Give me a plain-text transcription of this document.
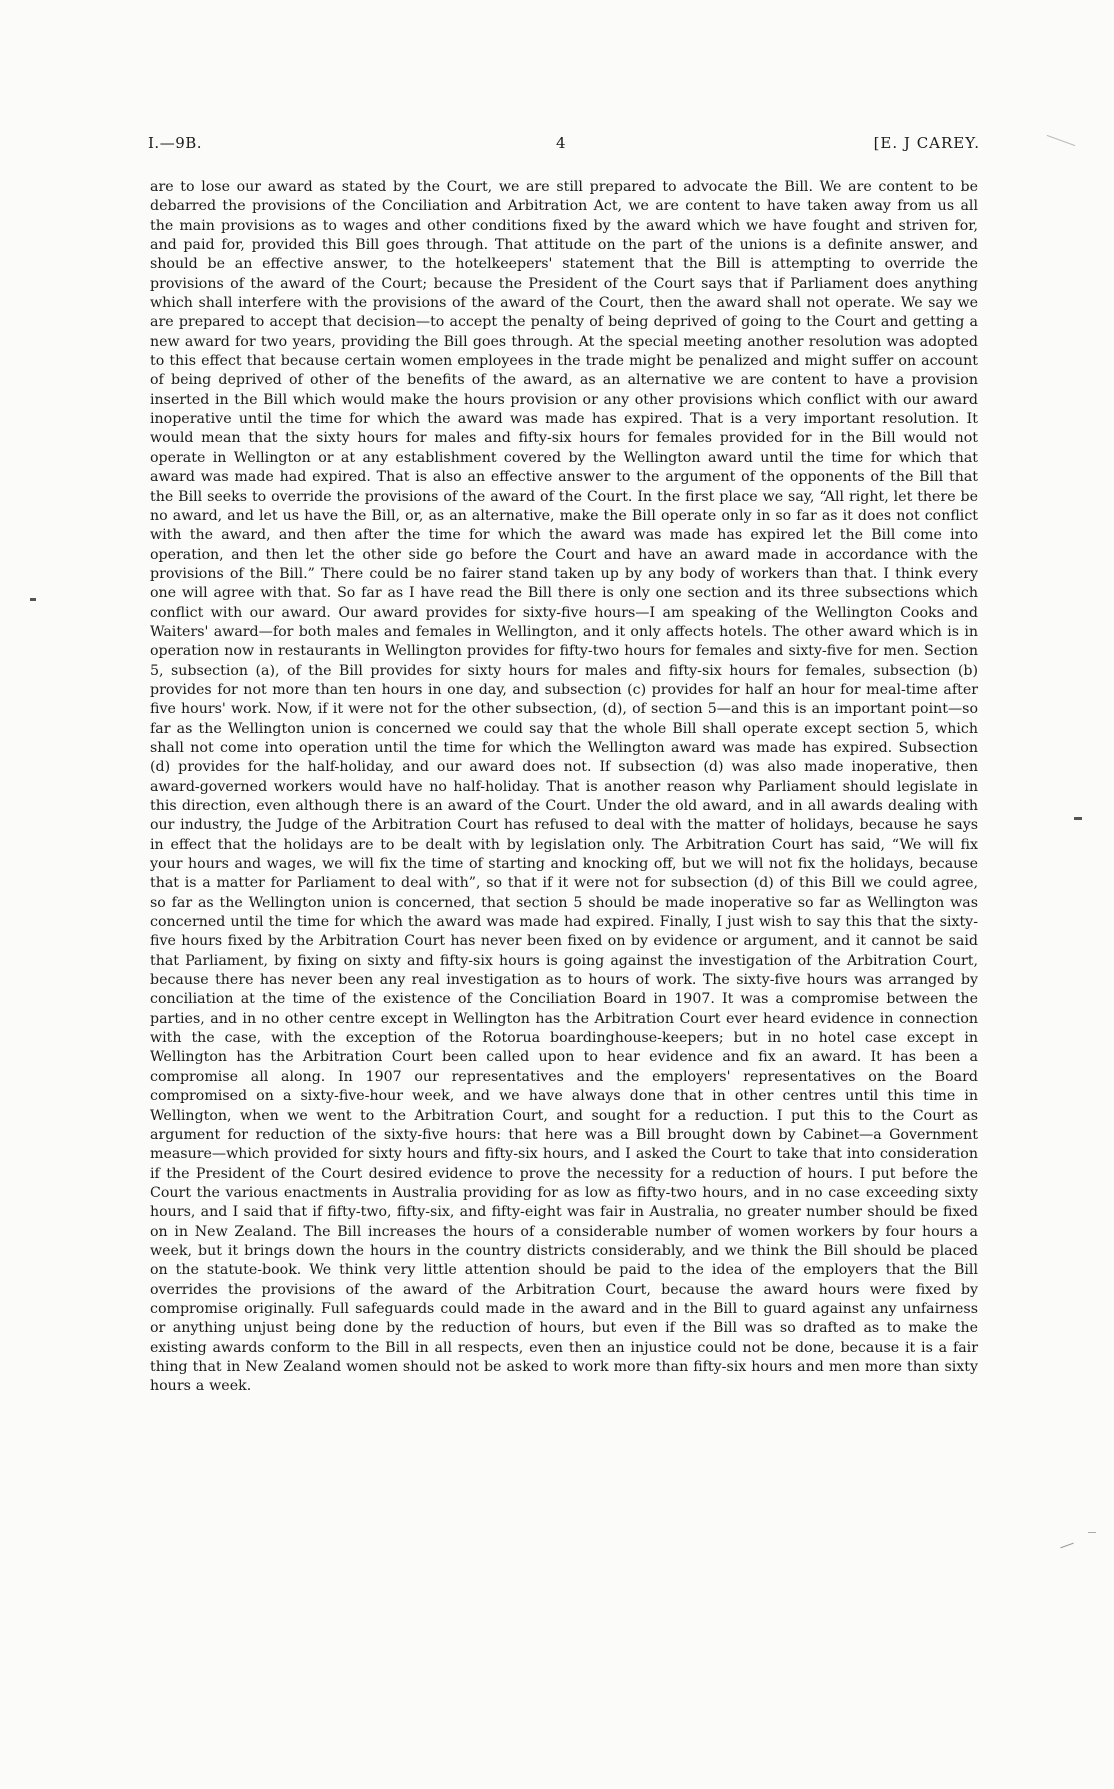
I.—9B.	4	[E. J CAREY.

are to lose our award as stated by the Court, we are still prepared to advocate the Bill. We are content to be debarred the provisions of the Conciliation and Arbitration Act, we are content to have taken away from us all the main provisions as to wages and other conditions fixed by the award which we have fought and striven for, and paid for, provided this Bill goes through. That attitude on the part of the unions is a definite answer, and should be an effective answer, to the hotelkeepers' statement that the Bill is attempting to override the provisions of the award of the Court; because the President of the Court says that if Parliament does anything which shall interfere with the provisions of the award of the Court, then the award shall not operate. We say we are prepared to accept that decision—to accept the penalty of being deprived of going to the Court and getting a new award for two years, providing the Bill goes through. At the special meeting another resolution was adopted to this effect that because certain women employees in the trade might be penalized and might suffer on account of being deprived of other of the benefits of the award, as an alternative we are content to have a provision inserted in the Bill which would make the hours provision or any other provisions which conflict with our award inoperative until the time for which the award was made has expired. That is a very important resolution. It would mean that the sixty hours for males and fifty-six hours for females provided for in the Bill would not operate in Wellington or at any establishment covered by the Wellington award until the time for which that award was made had expired. That is also an effective answer to the argument of the opponents of the Bill that the Bill seeks to override the provisions of the award of the Court. In the first place we say, “All right, let there be no award, and let us have the Bill, or, as an alternative, make the Bill operate only in so far as it does not conflict with the award, and then after the time for which the award was made has expired let the Bill come into operation, and then let the other side go before the Court and have an award made in accordance with the provisions of the Bill.” There could be no fairer stand taken up by any body of workers than that. I think every one will agree with that. So far as I have read the Bill there is only one section and its three subsections which conflict with our award. Our award provides for sixty-five hours—I am speaking of the Wellington Cooks and Waiters' award—for both males and females in Wellington, and it only affects hotels. The other award which is in operation now in restaurants in Wellington provides for fifty-two hours for females and sixty-five for men. Section 5, subsection (a), of the Bill provides for sixty hours for males and fifty-six hours for females, subsection (b) provides for not more than ten hours in one day, and subsection (c) provides for half an hour for meal-time after five hours' work. Now, if it were not for the other subsection, (d), of section 5—and this is an important point—so far as the Wellington union is concerned we could say that the whole Bill shall operate except section 5, which shall not come into operation until the time for which the Wellington award was made has expired. Subsection (d) provides for the half-holiday, and our award does not. If subsection (d) was also made inoperative, then award-governed workers would have no half-holiday. That is another reason why Parliament should legislate in this direction, even although there is an award of the Court. Under the old award, and in all awards dealing with our industry, the Judge of the Arbitration Court has refused to deal with the matter of holidays, because he says in effect that the holidays are to be dealt with by legislation only. The Arbitration Court has said, “We will fix your hours and wages, we will fix the time of starting and knocking off, but we will not fix the holidays, because that is a matter for Parliament to deal with”, so that if it were not for subsection (d) of this Bill we could agree, so far as the Wellington union is concerned, that section 5 should be made inoperative so far as Wellington was concerned until the time for which the award was made had expired. Finally, I just wish to say this that the sixty-five hours fixed by the Arbitration Court has never been fixed on by evidence or argument, and it cannot be said that Parliament, by fixing on sixty and fifty-six hours is going against the investigation of the Arbitration Court, because there has never been any real investigation as to hours of work. The sixty-five hours was arranged by conciliation at the time of the existence of the Conciliation Board in 1907. It was a compromise between the parties, and in no other centre except in Wellington has the Arbitration Court ever heard evidence in connection with the case, with the exception of the Rotorua boardinghouse-keepers; but in no hotel case except in Wellington has the Arbitration Court been called upon to hear evidence and fix an award. It has been a compromise all along. In 1907 our representatives and the employers' representatives on the Board compromised on a sixty-five-hour week, and we have always done that in other centres until this time in Wellington, when we went to the Arbitration Court, and sought for a reduction. I put this to the Court as argument for reduction of the sixty-five hours: that here was a Bill brought down by Cabinet—a Government measure—which provided for sixty hours and fifty-six hours, and I asked the Court to take that into consideration if the President of the Court desired evidence to prove the necessity for a reduction of hours. I put before the Court the various enactments in Australia providing for as low as fifty-two hours, and in no case exceeding sixty hours, and I said that if fifty-two, fifty-six, and fifty-eight was fair in Australia, no greater number should be fixed on in New Zealand. The Bill increases the hours of a considerable number of women workers by four hours a week, but it brings down the hours in the country districts considerably, and we think the Bill should be placed on the statute-book. We think very little attention should be paid to the idea of the employers that the Bill overrides the provisions of the award of the Arbitration Court, because the award hours were fixed by compromise originally. Full safeguards could made in the award and in the Bill to guard against any unfairness or anything unjust being done by the reduction of hours, but even if the Bill was so drafted as to make the existing awards conform to the Bill in all respects, even then an injustice could not be done, because it is a fair thing that in New Zealand women should not be asked to work more than fifty-six hours and men more than sixty hours a week.
